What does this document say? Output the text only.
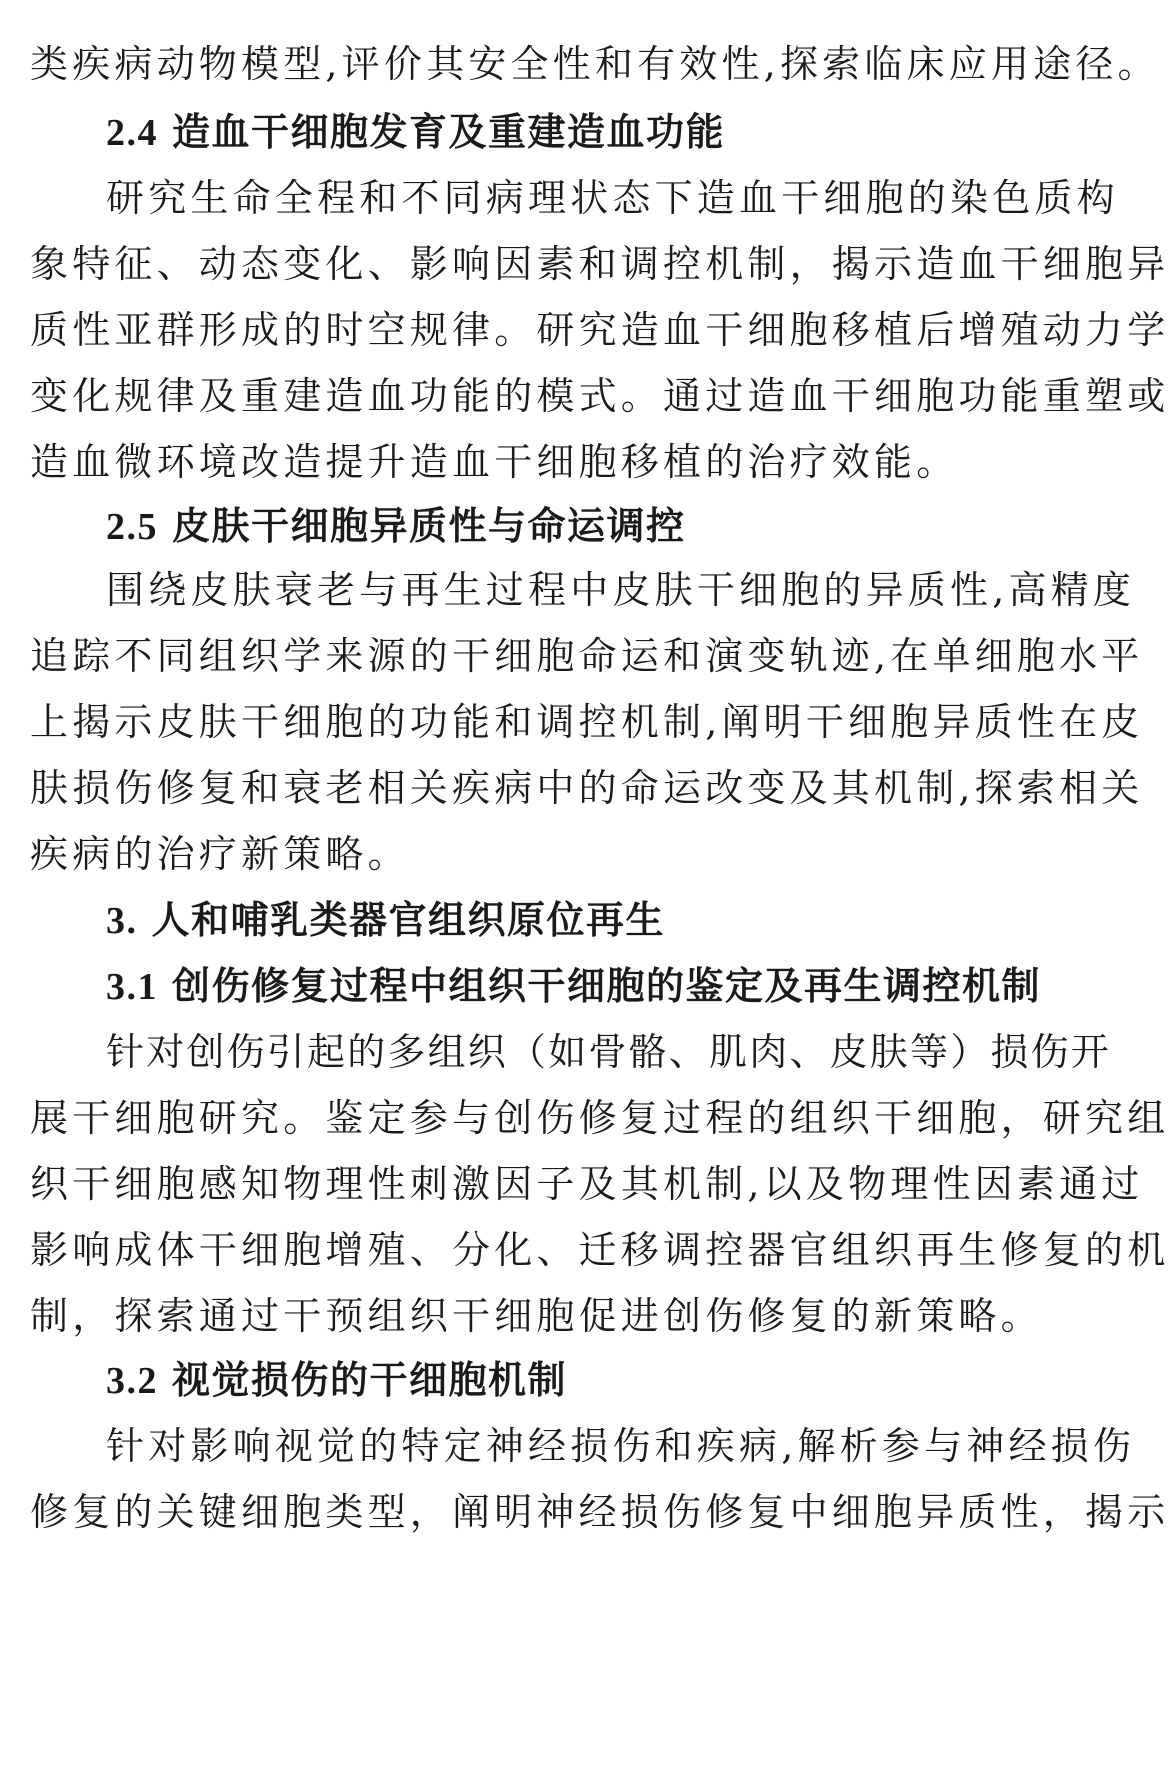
类疾病动物模型,评价其安全性和有效性,探索临床应用途径。
2.4 造血干细胞发育及重建造血功能
研究生命全程和不同病理状态下造血干细胞的染色质构
象特征、动态变化、影响因素和调控机制，揭示造血干细胞异
质性亚群形成的时空规律。研究造血干细胞移植后增殖动力学
变化规律及重建造血功能的模式。通过造血干细胞功能重塑或
造血微环境改造提升造血干细胞移植的治疗效能。
2.5 皮肤干细胞异质性与命运调控
围绕皮肤衰老与再生过程中皮肤干细胞的异质性,高精度
追踪不同组织学来源的干细胞命运和演变轨迹,在单细胞水平
上揭示皮肤干细胞的功能和调控机制,阐明干细胞异质性在皮
肤损伤修复和衰老相关疾病中的命运改变及其机制,探索相关
疾病的治疗新策略。
3. 人和哺乳类器官组织原位再生
3.1 创伤修复过程中组织干细胞的鉴定及再生调控机制
针对创伤引起的多组织（如骨骼、肌肉、皮肤等）损伤开
展干细胞研究。鉴定参与创伤修复过程的组织干细胞，研究组
织干细胞感知物理性刺激因子及其机制,以及物理性因素通过
影响成体干细胞增殖、分化、迁移调控器官组织再生修复的机
制，探索通过干预组织干细胞促进创伤修复的新策略。
3.2 视觉损伤的干细胞机制
针对影响视觉的特定神经损伤和疾病,解析参与神经损伤
修复的关键细胞类型，阐明神经损伤修复中细胞异质性，揭示
